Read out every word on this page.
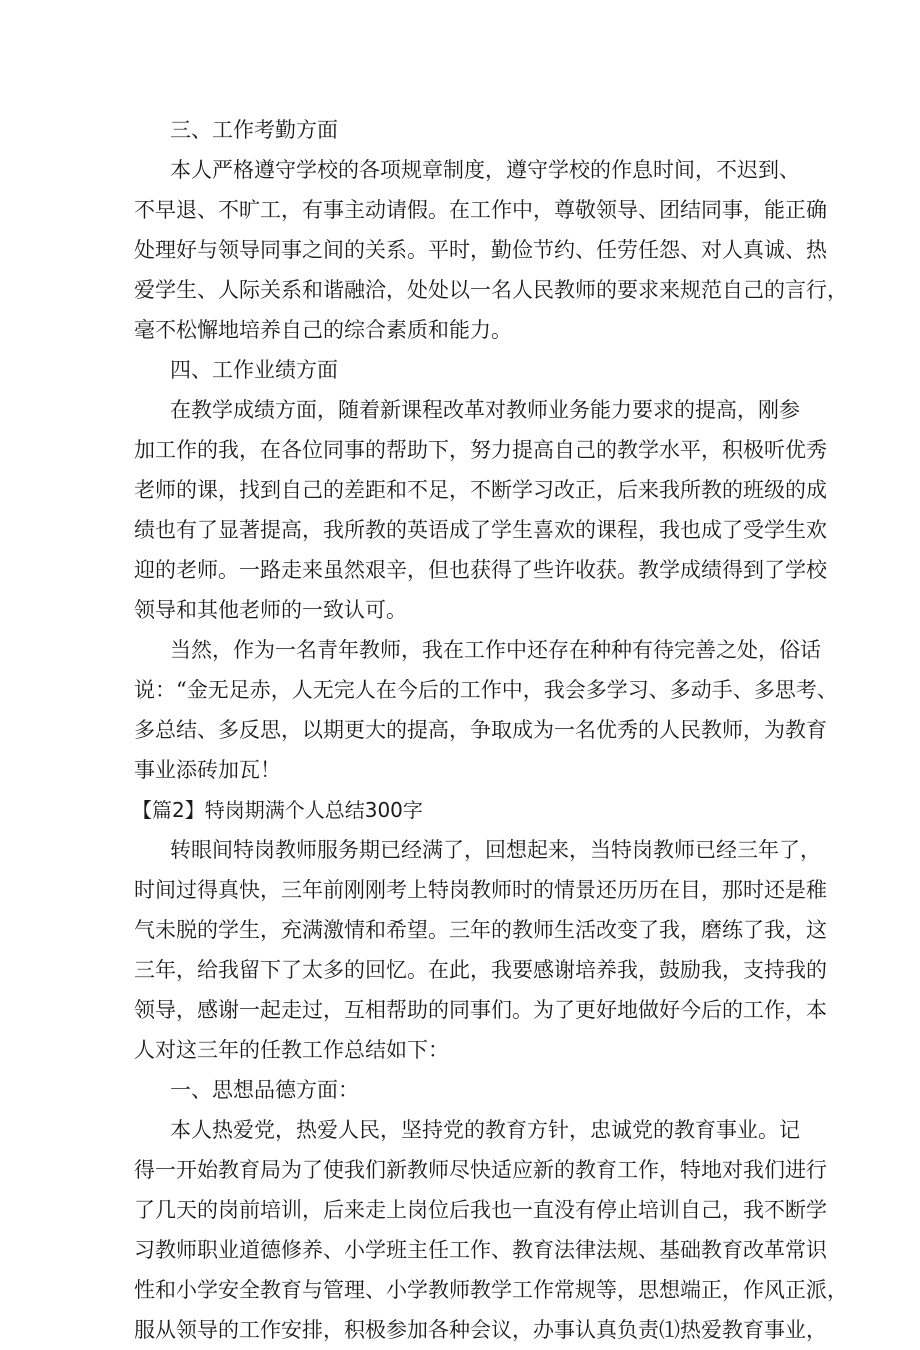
三、工作考勤方面
本人严格遵守学校的各项规章制度，遵守学校的作息时间，不迟到、
不早退、不旷工，有事主动请假。在工作中，尊敬领导、团结同事，能正确
处理好与领导同事之间的关系。平时，勤俭节约、任劳任怨、对人真诚、热
爱学生、人际关系和谐融洽，处处以一名人民教师的要求来规范自己的言行，
毫不松懈地培养自己的综合素质和能力。
四、工作业绩方面
在教学成绩方面，随着新课程改革对教师业务能力要求的提高，刚参
加工作的我，在各位同事的帮助下，努力提高自己的教学水平，积极听优秀
老师的课，找到自己的差距和不足，不断学习改正，后来我所教的班级的成
绩也有了显著提高，我所教的英语成了学生喜欢的课程，我也成了受学生欢
迎的老师。一路走来虽然艰辛，但也获得了些许收获。教学成绩得到了学校
领导和其他老师的一致认可。
当然，作为一名青年教师，我在工作中还存在种种有待完善之处，俗话
说：“金无足赤，人无完人在今后的工作中，我会多学习、多动手、多思考、
多总结、多反思，以期更大的提高，争取成为一名优秀的人民教师，为教育
事业添砖加瓦！
【篇2】特岗期满个人总结300字
转眼间特岗教师服务期已经满了，回想起来，当特岗教师已经三年了，
时间过得真快，三年前刚刚考上特岗教师时的情景还历历在目，那时还是稚
气未脱的学生，充满激情和希望。三年的教师生活改变了我，磨练了我，这
三年，给我留下了太多的回忆。在此，我要感谢培养我，鼓励我，支持我的
领导，感谢一起走过，互相帮助的同事们。为了更好地做好今后的工作，本
人对这三年的任教工作总结如下：
一、思想品德方面：
本人热爱党，热爱人民，坚持党的教育方针，忠诚党的教育事业。记
得一开始教育局为了使我们新教师尽快适应新的教育工作，特地对我们进行
了几天的岗前培训，后来走上岗位后我也一直没有停止培训自己，我不断学
习教师职业道德修养、小学班主任工作、教育法律法规、基础教育改革常识
性和小学安全教育与管理、小学教师教学工作常规等，思想端正，作风正派，
服从领导的工作安排，积极参加各种会议，办事认真负责⑴热爱教育事业，
